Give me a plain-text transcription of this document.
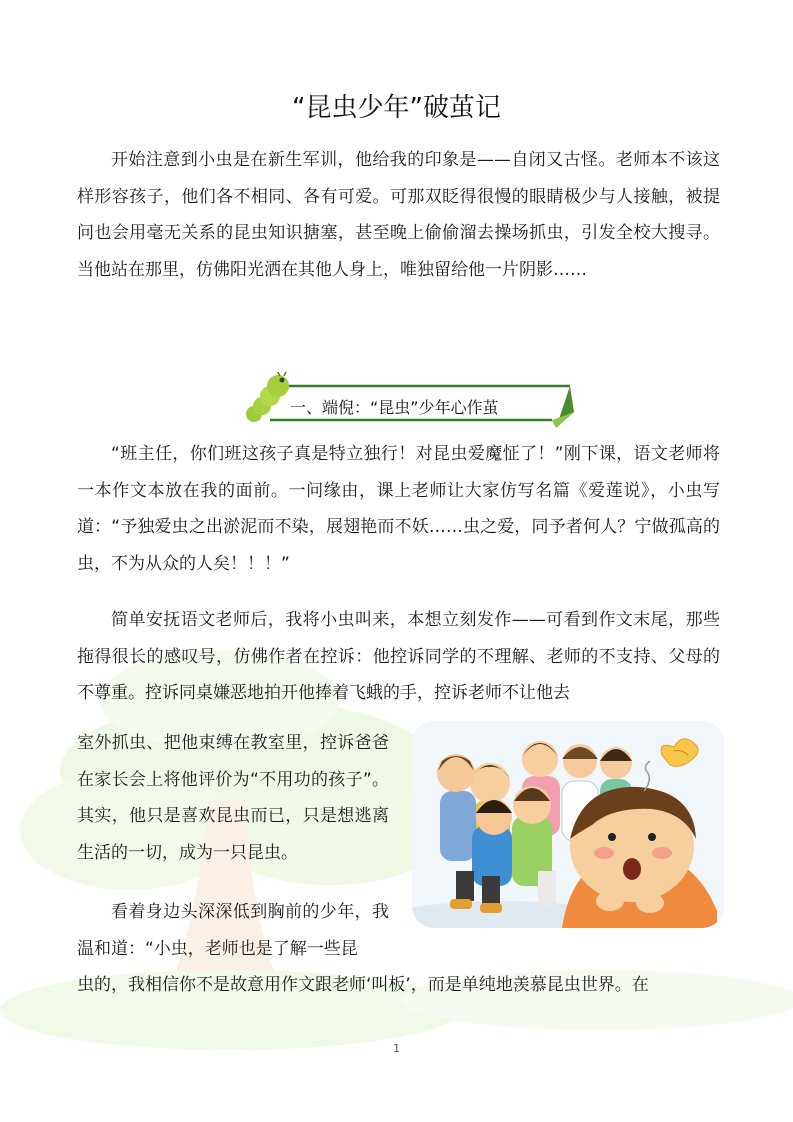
“昆虫少年”破茧记

开始注意到小虫是在新生军训，他给我的印象是——自闭又古怪。老师本不该这样形容孩子，他们各不相同、各有可爱。可那双眨得很慢的眼睛极少与人接触，被提问也会用毫无关系的昆虫知识搪塞，甚至晚上偷偷溜去操场抓虫，引发全校大搜寻。当他站在那里，仿佛阳光洒在其他人身上，唯独留给他一片阴影……

一、端倪：“昆虫”少年心作茧

“班主任，你们班这孩子真是特立独行！对昆虫爱魔怔了！”刚下课，语文老师将一本作文本放在我的面前。一问缘由，课上老师让大家仿写名篇《爱莲说》，小虫写道：“予独爱虫之出淤泥而不染，展翅艳而不妖……虫之爱，同予者何人？宁做孤高的虫，不为从众的人矣！！！”

简单安抚语文老师后，我将小虫叫来，本想立刻发作——可看到作文末尾，那些拖得很长的感叹号，仿佛作者在控诉：他控诉同学的不理解、老师的不支持、父母的不尊重。控诉同桌嫌恶地拍开他捧着飞蛾的手，控诉老师不让他去

室外抓虫、把他束缚在教室里，控诉爸爸在家长会上将他评价为“不用功的孩子”。其实，他只是喜欢昆虫而已，只是想逃离生活的一切，成为一只昆虫。

看着身边头深深低到胸前的少年，我温和道：“小虫，老师也是了解一些昆

虫的，我相信你不是故意用作文跟老师‘叫板’，而是单纯地羡慕昆虫世界。在

1
